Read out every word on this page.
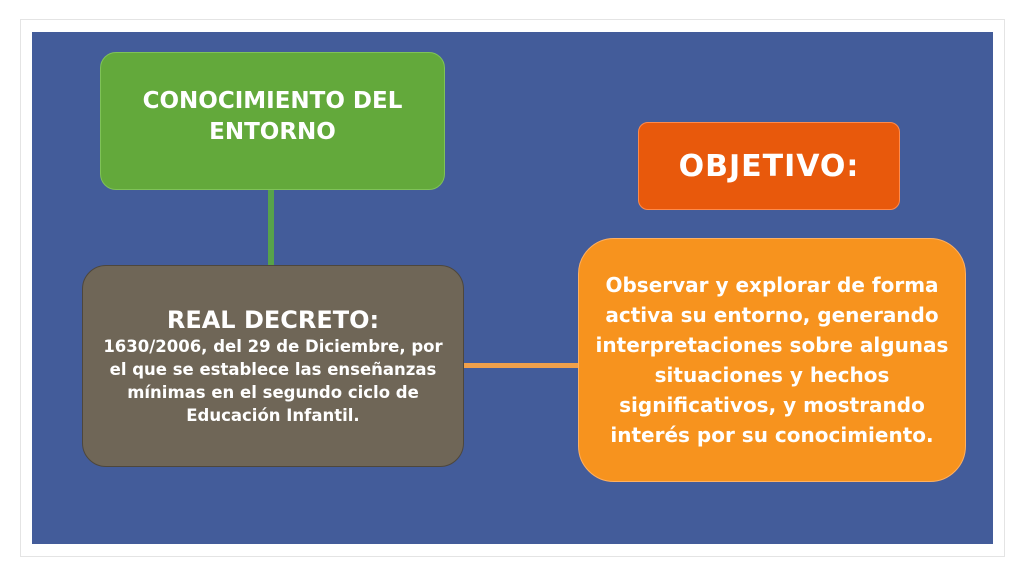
CONOCIMIENTO DEL
ENTORNO
OBJETIVO:
REAL DECRETO:
1630/2006, del 29 de Diciembre, por el que se establece las enseñanzas mínimas en el segundo ciclo de Educación Infantil.
Observar y explorar de forma activa su entorno, generando interpretaciones sobre algunas situaciones y hechos significativos, y mostrando interés por su conocimiento.
